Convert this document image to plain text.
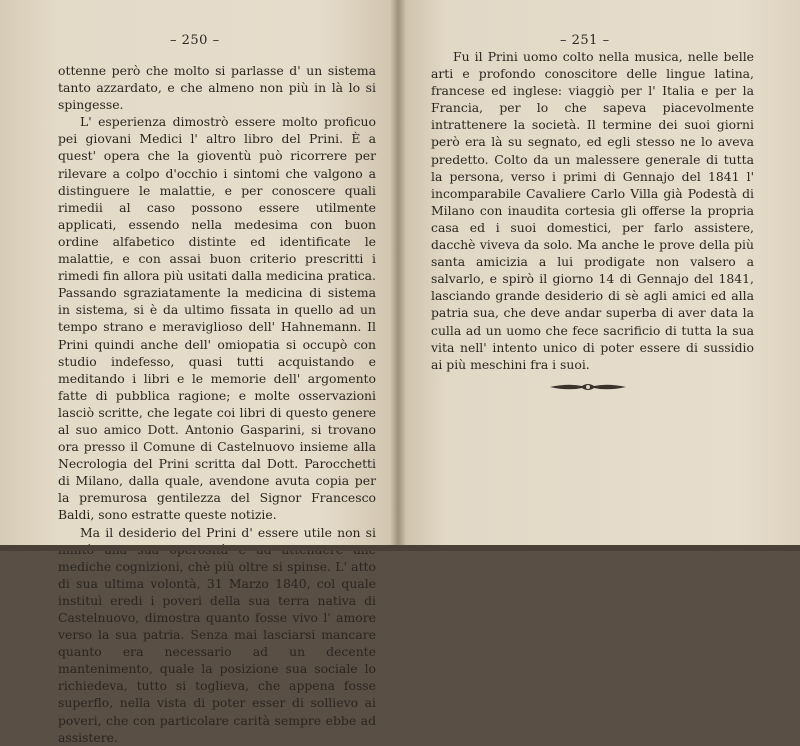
– 250 –

ottenne però che molto si parlasse d' un sistema tanto azzardato, e che almeno non più in là lo si spingesse.

L' esperienza dimostrò essere molto proficuo pei giovani Medici l' altro libro del Prini. È a quest' opera che la gioventù può ricorrere per rilevare a colpo d'occhio i sintomi che valgono a distinguere le malattie, e per conoscere quali rimedii al caso possono essere utilmente applicati, essendo nella medesima con buon ordine alfabetico distinte ed identificate le malattie, e con assai buon criterio prescritti i rimedi fin allora più usitati dalla medicina pratica. Passando sgraziatamente la medicina di sistema in sistema, si è da ultimo fissata in quello ad un tempo strano e meraviglioso dell' Hahnemann. Il Prini quindi anche dell' omiopatia si occupò con studio indefesso, quasi tutti acquistando e meditando i libri e le memorie dell' argomento fatte di pubblica ragione; e molte osservazioni lasciò scritte, che legate coi libri di questo genere al suo amico Dott. Antonio Gasparini, si trovano ora presso il Comune di Castelnuovo insieme alla Necrologia del Prini scritta dal Dott. Parocchetti di Milano, dalla quale, avendone avuta copia per la premurosa gentilezza del Signor Francesco Baldi, sono estratte queste notizie.

Ma il desiderio del Prini d' essere utile non si mediche cognizioni, chè più oltre si spinse. L' atto di sua ultima volontà, 31 Marzo 1840, col quale instituì eredi i poveri della sua terra nativa di Castelnuovo, dimostra quanto fosse vivo l' amore verso la sua patria. Senza mai lasciarsi mancare quanto era necessario ad un decente mantenimento, quale la posizione sua sociale lo richiedeva, tutto si toglieva, che appena fosse superflo, nella vista di poter esser di sollievo ai poveri, che con particolare carità sempre ebbe ad assistere.

– 251 –

Fu il Prini uomo colto nella musica, nelle belle arti e profondo conoscitore delle lingue latina, francese ed inglese: viaggiò per l' Italia e per la Francia, per lo che sapeva piacevolmente intrattenere la società. Il termine dei suoi giorni però era là su segnato, ed egli stesso ne lo aveva predetto. Colto da un malessere generale di tutta la persona, verso i primi di Gennajo del 1841 l' incomparabile Cavaliere Carlo Villa già Podestà di Milano con inaudita cortesia gli offerse la propria casa ed i suoi domestici, per farlo assistere, dacchè viveva da solo. Ma anche le prove della più santa amicizia a lui prodigate non valsero a salvarlo, e spirò il giorno 14 di Gennajo del 1841, lasciando grande desiderio di sè agli amici ed alla patria sua, che deve andar superba di aver data la culla ad un uomo che fece sacrificio di tutta la sua vita nell' intento unico di poter essere di sussidio ai più meschini fra i suoi.
